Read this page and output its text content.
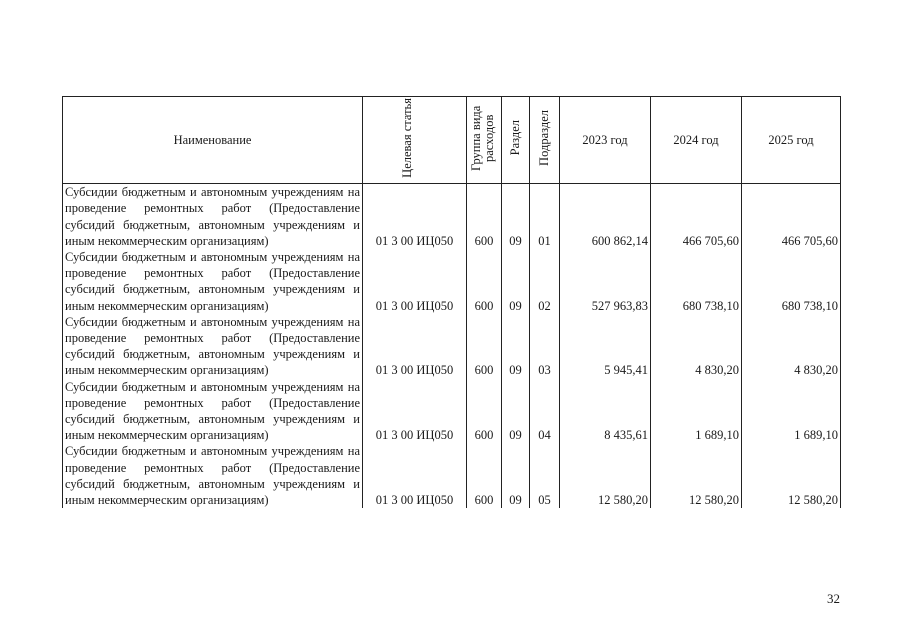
Наименование	Целевая статья	Группа вида расходов	Раздел	Подраздел	2023 год	2024 год	2025 год
Субсидии бюджетным и автономным учреждениям на проведение ремонтных работ (Предоставление субсидий бюджетным, автономным учреждениям и иным некоммерческим организациям)	01 3 00 ИЦ050	600	09	01	600 862,14	466 705,60	466 705,60
Субсидии бюджетным и автономным учреждениям на проведение ремонтных работ (Предоставление субсидий бюджетным, автономным учреждениям и иным некоммерческим организациям)	01 3 00 ИЦ050	600	09	02	527 963,83	680 738,10	680 738,10
Субсидии бюджетным и автономным учреждениям на проведение ремонтных работ (Предоставление субсидий бюджетным, автономным учреждениям и иным некоммерческим организациям)	01 3 00 ИЦ050	600	09	03	5 945,41	4 830,20	4 830,20
Субсидии бюджетным и автономным учреждениям на проведение ремонтных работ (Предоставление субсидий бюджетным, автономным учреждениям и иным некоммерческим организациям)	01 3 00 ИЦ050	600	09	04	8 435,61	1 689,10	1 689,10
Субсидии бюджетным и автономным учреждениям на проведение ремонтных работ (Предоставление субсидий бюджетным, автономным учреждениям и иным некоммерческим организациям)	01 3 00 ИЦ050	600	09	05	12 580,20	12 580,20	12 580,20
32
